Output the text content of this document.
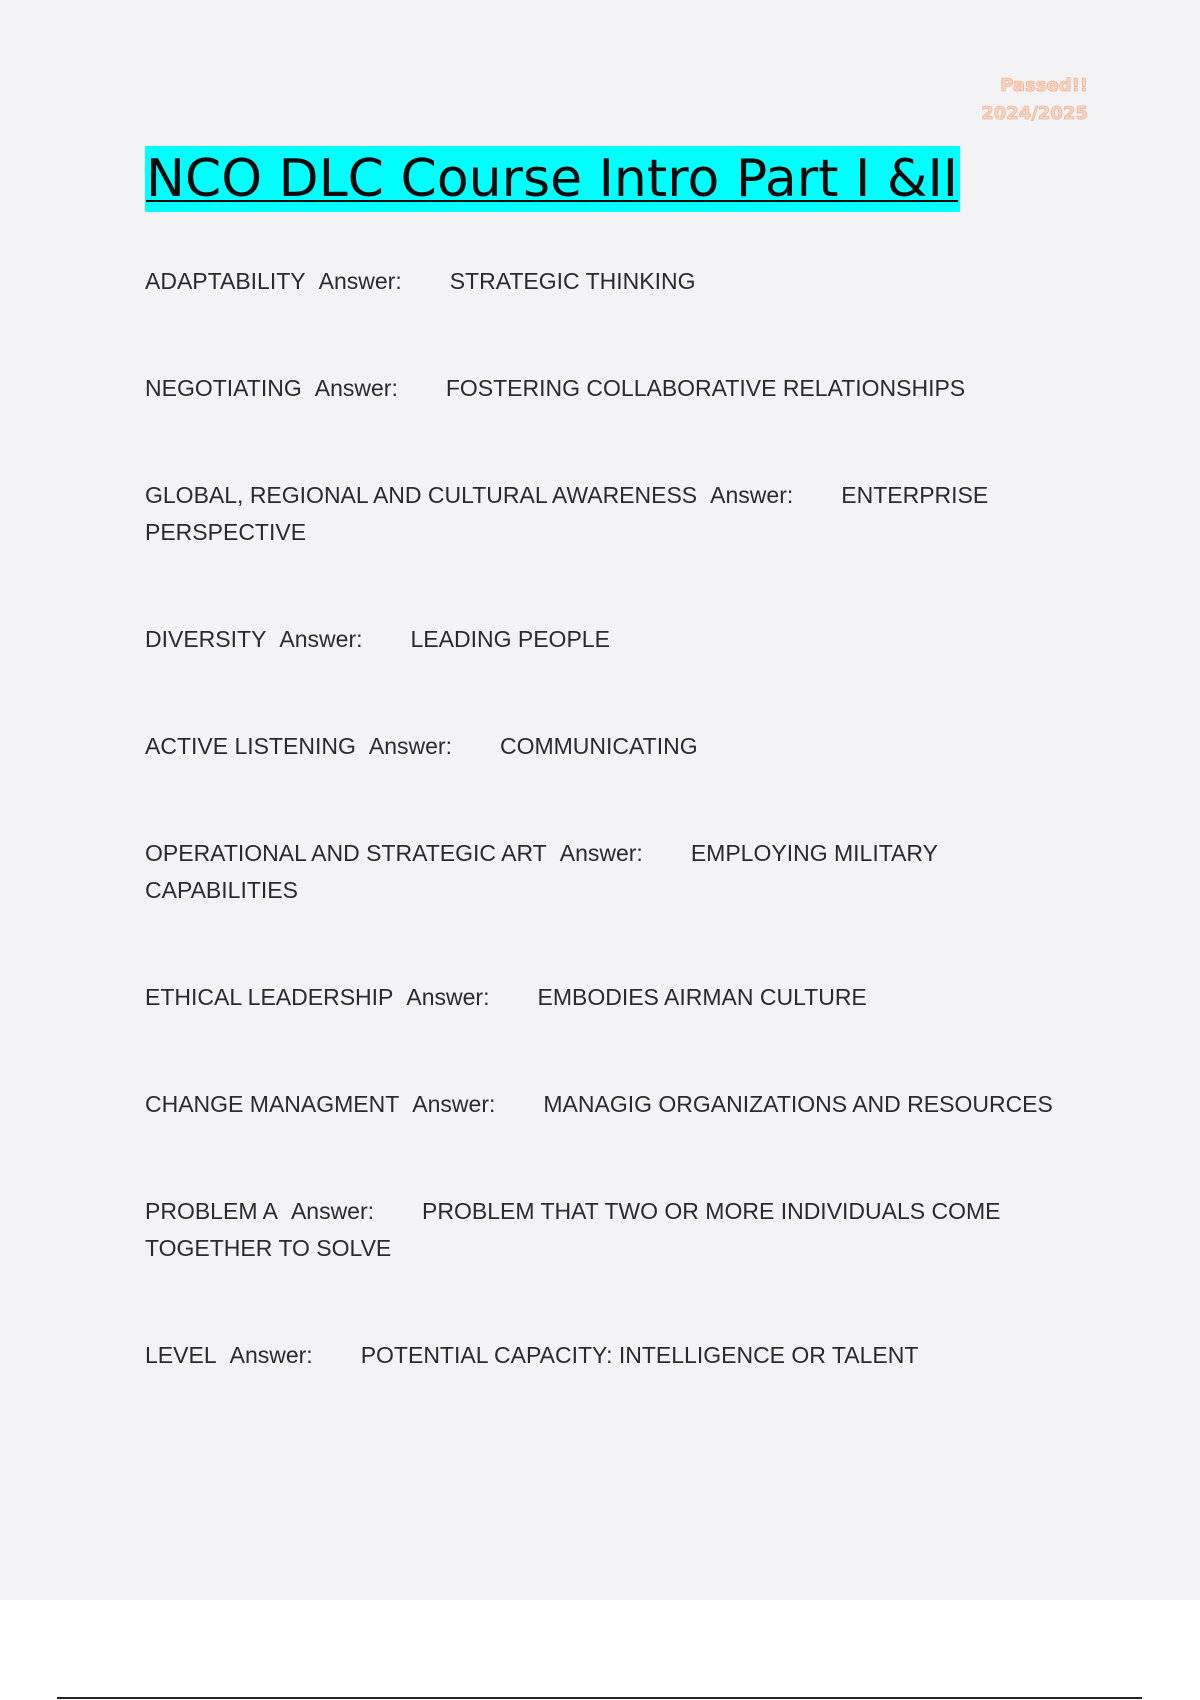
Passed!!
2024/2025
NCO DLC Course Intro Part I &II
ADAPTABILITY Answer: STRATEGIC THINKING
NEGOTIATING Answer: FOSTERING COLLABORATIVE RELATIONSHIPS
GLOBAL, REGIONAL AND CULTURAL AWARENESS Answer: ENTERPRISE PERSPECTIVE
DIVERSITY Answer: LEADING PEOPLE
ACTIVE LISTENING Answer: COMMUNICATING
OPERATIONAL AND STRATEGIC ART Answer: EMPLOYING MILITARY CAPABILITIES
ETHICAL LEADERSHIP Answer: EMBODIES AIRMAN CULTURE
CHANGE MANAGMENT Answer: MANAGIG ORGANIZATIONS AND RESOURCES
PROBLEM A Answer: PROBLEM THAT TWO OR MORE INDIVIDUALS COME TOGETHER TO SOLVE
LEVEL Answer: POTENTIAL CAPACITY: INTELLIGENCE OR TALENT
